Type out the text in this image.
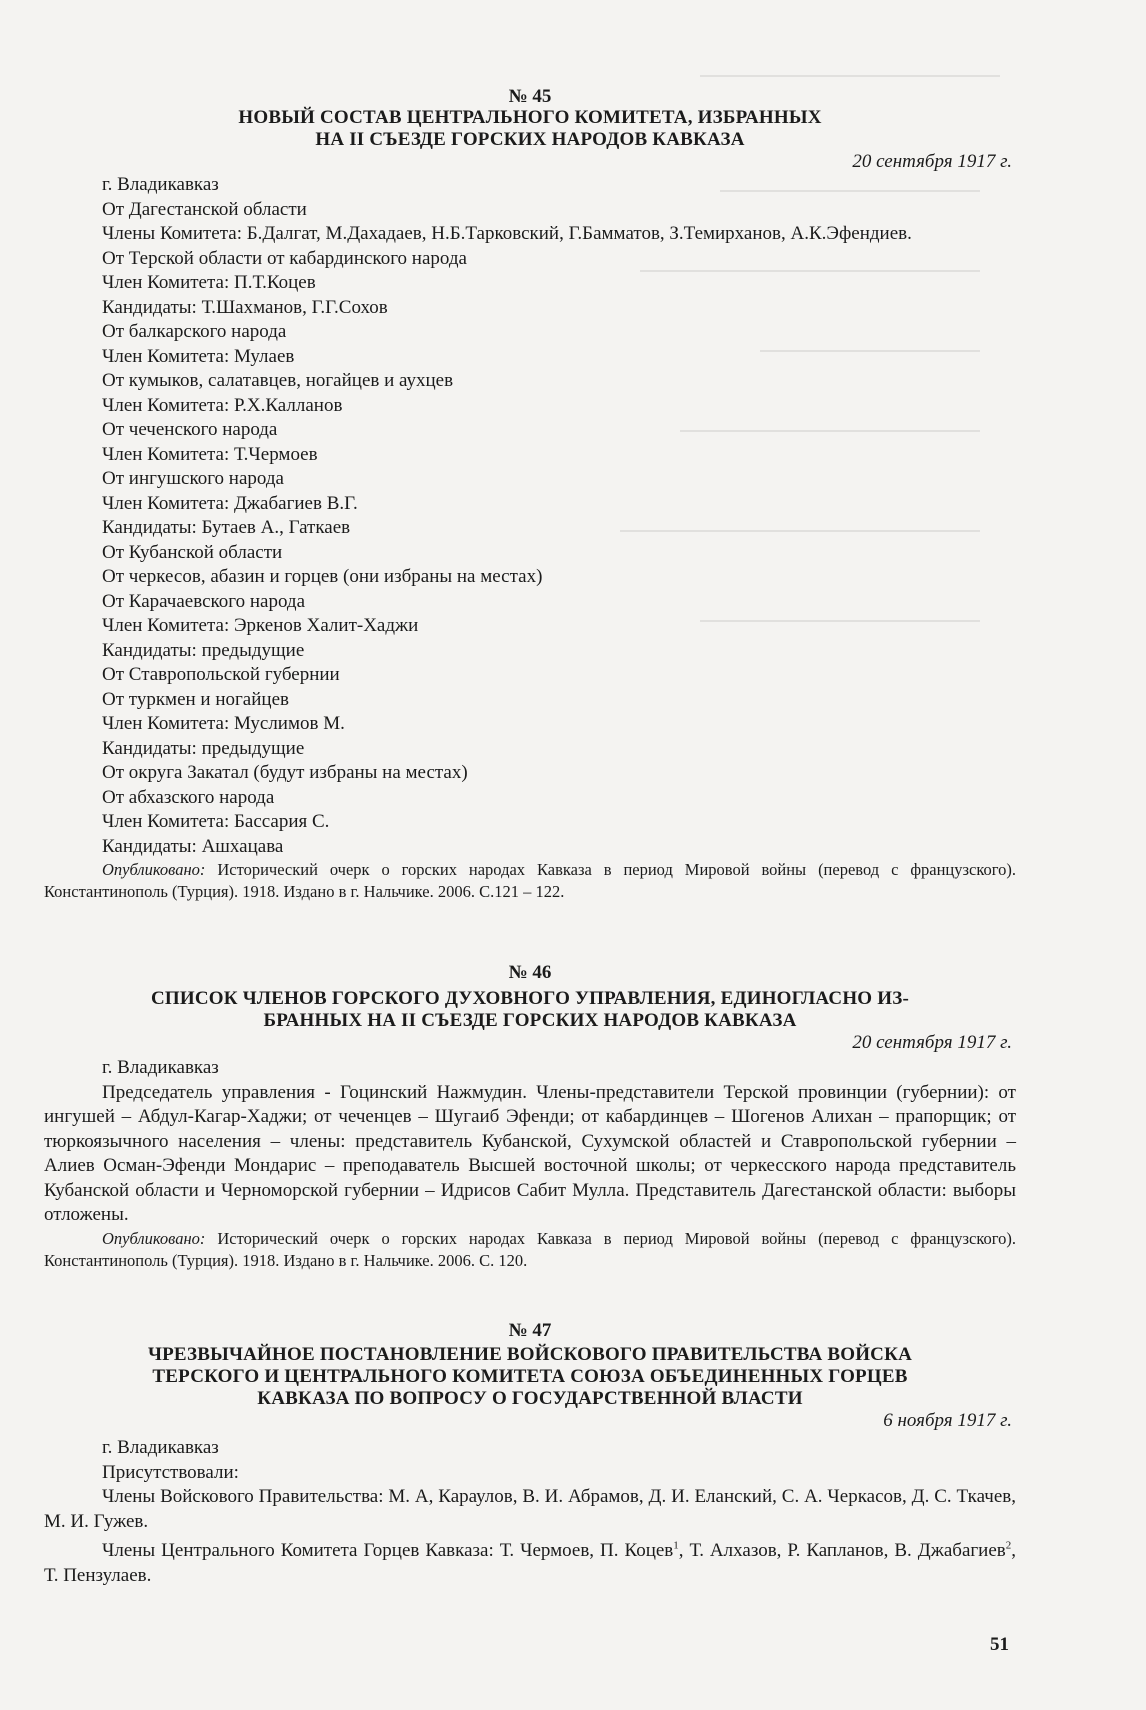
№ 45
НОВЫЙ СОСТАВ ЦЕНТРАЛЬНОГО КОМИТЕТА, ИЗБРАННЫХ
НА II СЪЕЗДЕ ГОРСКИХ НАРОДОВ КАВКАЗА
20 сентября 1917 г.
г. Владикавказ
От Дагестанской области
Члены Комитета: Б.Далгат, М.Дахадаев, Н.Б.Тарковский, Г.Бамматов, З.Темирханов, А.К.Эфендиев.
От Терской области от кабардинского народа
Член Комитета: П.Т.Коцев
Кандидаты: Т.Шахманов, Г.Г.Сохов
От балкарского народа
Член Комитета: Мулаев
От кумыков, салатавцев, ногайцев и аухцев
Член Комитета: Р.Х.Калланов
От чеченского народа
Член Комитета: Т.Чермоев
От ингушского народа
Член Комитета: Джабагиев В.Г.
Кандидаты: Бутаев А., Гаткаев
От Кубанской области
От черкесов, абазин и горцев (они избраны на местах)
От Карачаевского народа
Член Комитета: Эркенов Халит-Хаджи
Кандидаты: предыдущие
От Ставропольской губернии
От туркмен и ногайцев
Член Комитета: Муслимов М.
Кандидаты: предыдущие
От округа Закатал (будут избраны на местах)
От абхазского народа
Член Комитета: Бассария С.
Кандидаты: Ашхацава
Опубликовано: Исторический очерк о горских народах Кавказа в период Мировой войны (перевод с французского). Константинополь (Турция). 1918. Издано в г. Нальчике. 2006. С.121 – 122.
№ 46
СПИСОК ЧЛЕНОВ ГОРСКОГО ДУХОВНОГО УПРАВЛЕНИЯ, ЕДИНОГЛАСНО ИЗ-
БРАННЫХ НА II СЪЕЗДЕ ГОРСКИХ НАРОДОВ КАВКАЗА
20 сентября 1917 г.
г. Владикавказ
Председатель управления - Гоцинский Нажмудин. Члены-представители Терской провинции (губернии): от ингушей – Абдул-Кагар-Хаджи; от чеченцев – Шугаиб Эфенди; от кабардинцев – Шогенов Алихан – прапорщик; от тюркоязычного населения – члены: представитель Кубанской, Сухумской областей и Ставропольской губернии – Алиев Осман-Эфенди Мондарис – преподаватель Высшей восточной школы; от черкесского народа представитель Кубанской области и Черноморской губернии – Идрисов Сабит Мулла. Представитель Дагестанской области: выборы отложены.
Опубликовано: Исторический очерк о горских народах Кавказа в период Мировой войны (перевод с французского). Константинополь (Турция). 1918. Издано в г. Нальчике. 2006. С. 120.
№ 47
ЧРЕЗВЫЧАЙНОЕ ПОСТАНОВЛЕНИЕ ВОЙСКОВОГО ПРАВИТЕЛЬСТВА ВОЙСКА
ТЕРСКОГО И ЦЕНТРАЛЬНОГО КОМИТЕТА СОЮЗА ОБЪЕДИНЕННЫХ ГОРЦЕВ
КАВКАЗА ПО ВОПРОСУ О ГОСУДАРСТВЕННОЙ ВЛАСТИ
6 ноября 1917 г.
г. Владикавказ
Присутствовали:
Члены Войскового Правительства: М. А, Караулов, В. И. Абрамов, Д. И. Еланский, С. А. Черкасов, Д. С. Ткачев, М. И. Гужев.
Члены Центрального Комитета Горцев Кавказа: Т. Чермоев, П. Коцев$^1$, Т. Алхазов, Р. Капланов, В. Джабагиев$^2$, Т. Пензулаев.
51
